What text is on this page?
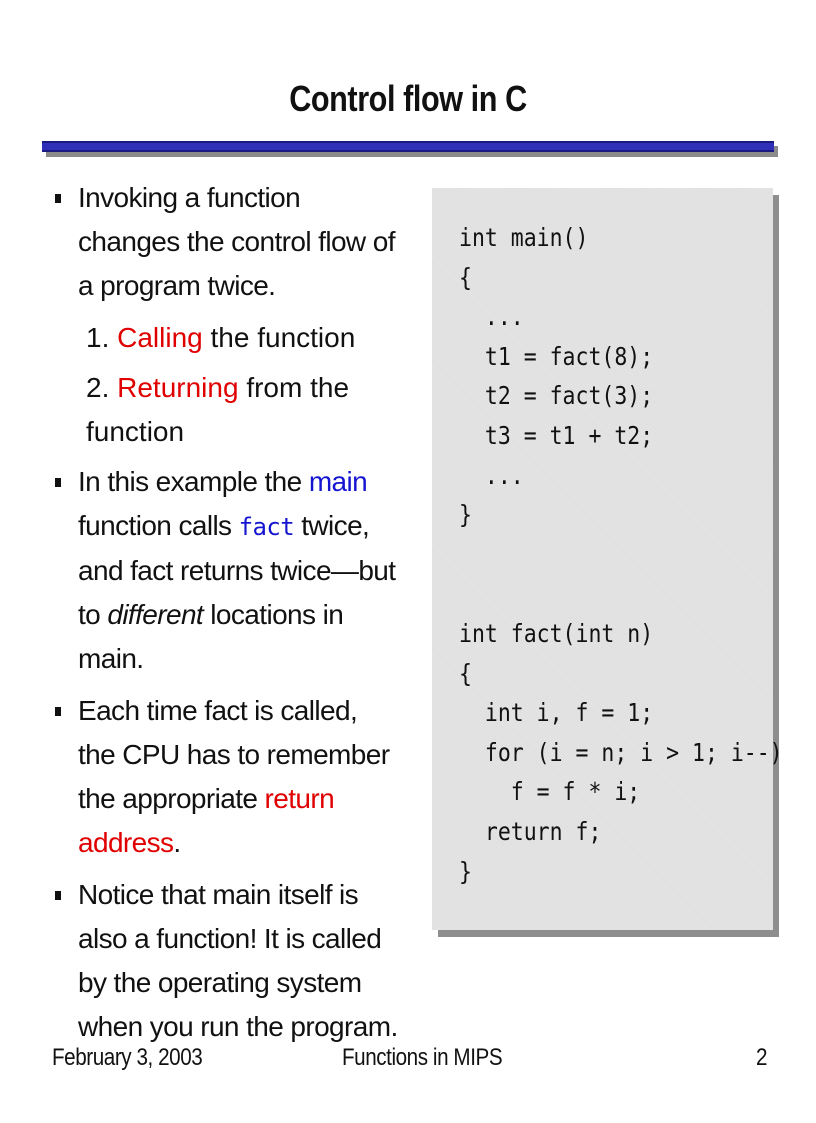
Control flow in C
Invoking a function changes the control flow of a program twice.
1. Calling the function
2. Returning from the function
In this example the main function calls fact twice, and fact returns twice—but to different locations in main.
Each time fact is called, the CPU has to remember the appropriate return address.
Notice that main itself is also a function! It is called by the operating system when you run the program.
int main()
{
...
t1 = fact(8);
t2 = fact(3);
t3 = t1 + t2;
...
}
int fact(int n)
{
int i, f = 1;
for (i = n; i > 1; i--)
f = f * i;
return f;
}
February 3, 2003	Functions in MIPS	2
